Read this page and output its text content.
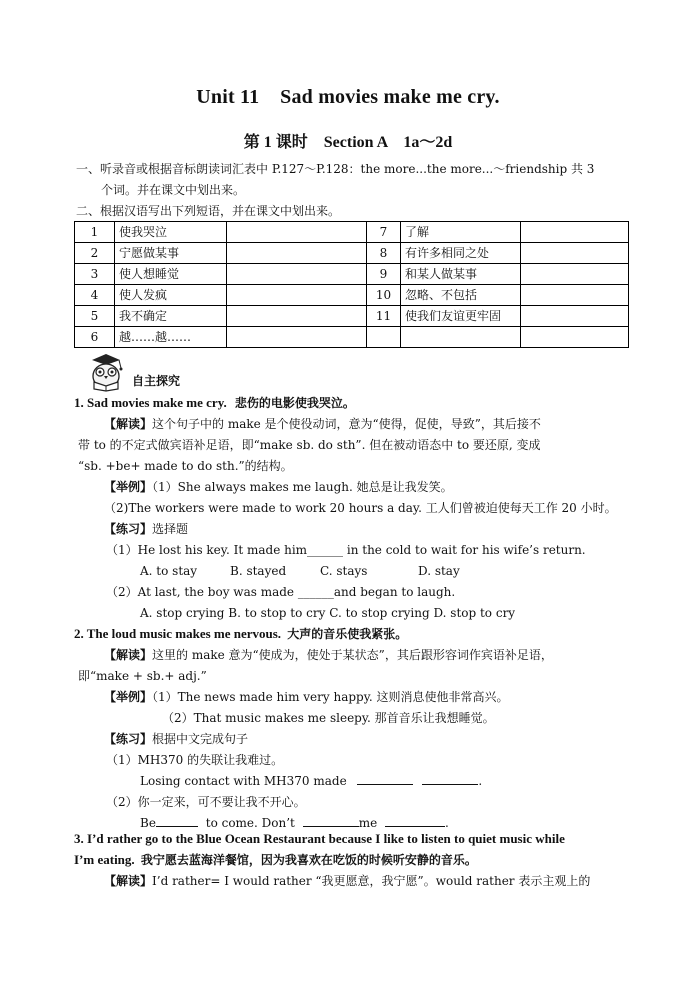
Unit 11    Sad movies make me cry.
第 1 课时    Section A    1a～2d
一、听录音或根据音标朗读词汇表中 P.127～P.128：the more...the more...～friendship 共 3
个词。并在课文中划出来。
二、根据汉语写出下列短语，并在课文中划出来。
1	使我哭泣		7	了解	
2	宁愿做某事		8	有许多相同之处	
3	使人想睡觉		9	和某人做某事	
4	使人发疯		10	忽略、不包括	
5	我不确定		11	使我们友谊更牢固	
6	越……越……				
自主探究
1. Sad movies make me cry. 悲伤的电影使我哭泣。
【解读】这个句子中的 make 是个使役动词，意为“使得，促使，导致”，其后接不
带 to 的不定式做宾语补足语，即“make sb. do sth”. 但在被动语态中 to 要还原, 变成
“sb. +be+ made to do sth.”的结构。
【举例】（1）She always makes me laugh. 她总是让我发笑。
（2)The workers were made to work 20 hours a day. 工人们曾被迫使每天工作 20 小时。
【练习】选择题
（1）He lost his key. It made him______ in the cold to wait for his wife’s return.
A. to stay	B. stayed	C. stays	D. stay
（2）At last, the boy was made ______and began to laugh.
A. stop crying B. to stop to cry C. to stop crying D. stop to cry
2. The loud music makes me nervous. 大声的音乐使我紧张。
【解读】这里的 make 意为“使成为，使处于某状态”，其后跟形容词作宾语补足语，
即“make + sb.+ adj.”
【举例】（1）The news made him very happy. 这则消息使他非常高兴。
（2）That music makes me sleepy. 那首音乐让我想睡觉。
【练习】根据中文完成句子
（1）MH370 的失联让我难过。
Losing contact with MH370 made	.
（2）你一定来，可不要让我不开心。
Be	to come. Don’t	me	.
3. I’d rather go to the Blue Ocean Restaurant because I like to listen to quiet music while
I’m eating. 我宁愿去蓝海洋餐馆，因为我喜欢在吃饭的时候听安静的音乐。
【解读】I’d rather= I would rather “我更愿意，我宁愿”。would rather 表示主观上的
